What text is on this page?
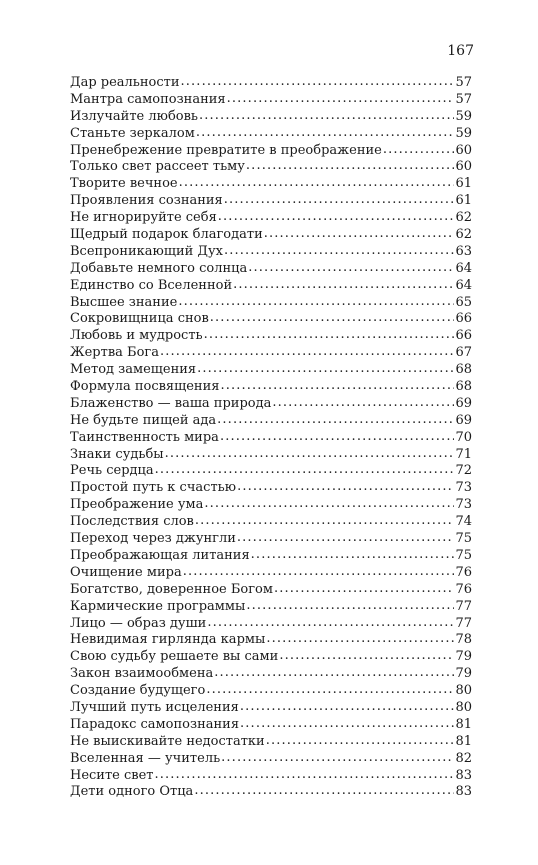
167
Дар реальности . . .	57
Мантра самопознания . . .	57
Излучайте любовь . . .	59
Станьте зеркалом . . .	59
Пренебрежение превратите в преображение . . .	60
Только свет рассеет тьму . . .	60
Творите вечное . . .	61
Проявления сознания . . .	61
Не игнорируйте себя . . .	62
Щедрый подарок благодати . . .	62
Всепроникающий Дух . . .	63
Добавьте немного солнца . . .	64
Единство со Вселенной . . .	64
Высшее знание . . .	65
Сокровищница снов . . .	66
Любовь и мудрость . . .	66
Жертва Бога . . .	67
Метод замещения . . .	68
Формула посвящения . . .	68
Блаженство — ваша природа . . .	69
Не будьте пищей ада . . .	69
Таинственность мира . . .	70
Знаки судьбы . . .	71
Речь сердца . . .	72
Простой путь к счастью . . .	73
Преображение ума . . .	73
Последствия слов . . .	74
Переход через джунгли . . .	75
Преображающая литания . . .	75
Очищение мира . . .	76
Богатство, доверенное Богом . . .	76
Кармические программы . . .	77
Лицо — образ души . . .	77
Невидимая гирлянда кармы . . .	78
Свою судьбу решаете вы сами . . .	79
Закон взаимообмена . . .	79
Создание будущего . . .	80
Лучший путь исцеления . . .	80
Парадокс самопознания . . .	81
Не выискивайте недостатки . . .	81
Вселенная — учитель . . .	82
Несите свет . . .	83
Дети одного Отца . . .	83
